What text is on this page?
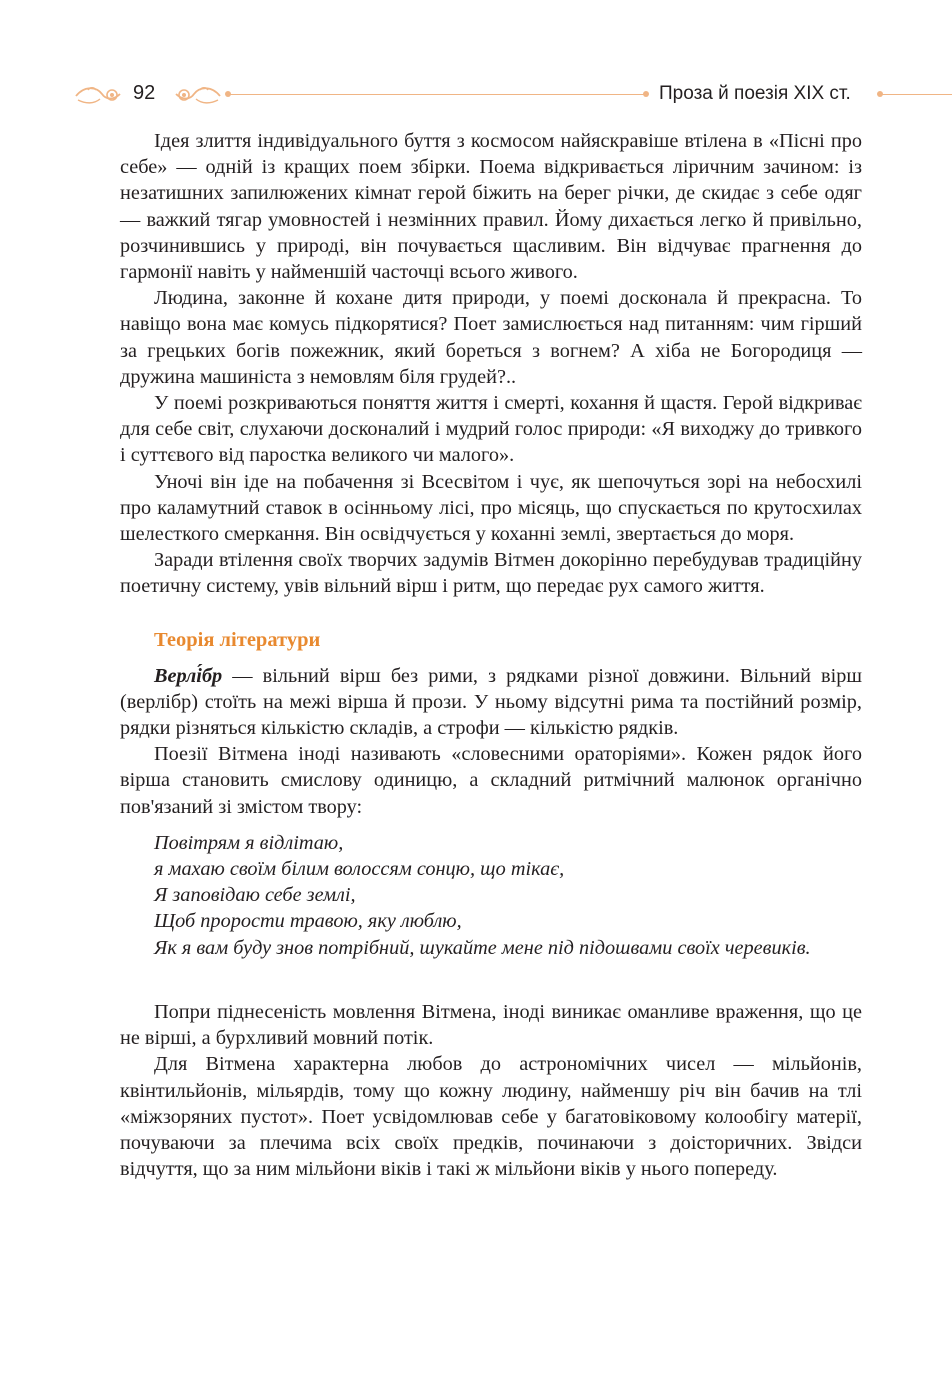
92	Проза й поезія XIX ст.

Ідея злиття індивідуального буття з космосом найяскравіше втілена в «Пісні про себе» — одній із кращих поем збірки. Поема відкривається ліричним зачином: із незатишних запилюжених кімнат герой біжить на берег річки, де скидає з себе одяг — важкий тягар умовностей і незмінних правил. Йому дихається легко й привільно, розчинившись у природі, він почувається щасливим. Він відчуває прагнення до гармонії навіть у найменшій часточці всього живого.

Людина, законне й кохане дитя природи, у поемі досконала й прекрасна. То навіщо вона має комусь підкорятися? Поет замислюється над питанням: чим гірший за грецьких богів пожежник, який бореться з вогнем? А хіба не Богородиця — дружина машиніста з немовлям біля грудей?..

У поемі розкриваються поняття життя і смерті, кохання й щастя. Герой відкриває для себе світ, слухаючи досконалий і мудрий голос природи: «Я виходжу до тривкого і суттєвого від паростка великого чи малого».

Уночі він іде на побачення зі Всесвітом і чує, як шепочуться зорі на небосхилі про каламутний ставок в осінньому лісі, про місяць, що спускається по крутосхилах шелесткого смеркання. Він освідчується у коханні землі, звертається до моря.

Заради втілення своїх творчих задумів Вітмен докорінно перебудував традиційну поетичну систему, увів вільний вірш і ритм, що передає рух самого життя.

Теорія літератури

Верлі́бр — вільний вірш без рими, з рядками різної довжини. Вільний вірш (верлібр) стоїть на межі вірша й прози. У ньому відсутні рима та постійний розмір, рядки різняться кількістю складів, а строфи — кількістю рядків.

Поезії Вітмена іноді називають «словесними ораторіями». Кожен рядок його вірша становить смислову одиницю, а складний ритмічний малюнок органічно пов'язаний зі змістом твору:

Повітрям я відлітаю,
я махаю своїм білим волоссям сонцю, що тікає,
Я заповідаю себе землі,
Щоб прорости травою, яку люблю,
Як я вам буду знов потрібний, шукайте мене під підошвами своїх черевиків.

Попри піднесеність мовлення Вітмена, іноді виникає оманливе враження, що це не вірші, а бурхливий мовний потік.

Для Вітмена характерна любов до астрономічних чисел — мільйонів, квінтильйонів, мільярдів, тому що кожну людину, найменшу річ він бачив на тлі «міжзоряних пустот». Поет усвідомлював себе у багатовіковому колообігу матерії, почуваючи за плечима всіх своїх предків, починаючи з доісторичних. Звідси відчуття, що за ним мільйони віків і такі ж мільйони віків у нього попереду.
